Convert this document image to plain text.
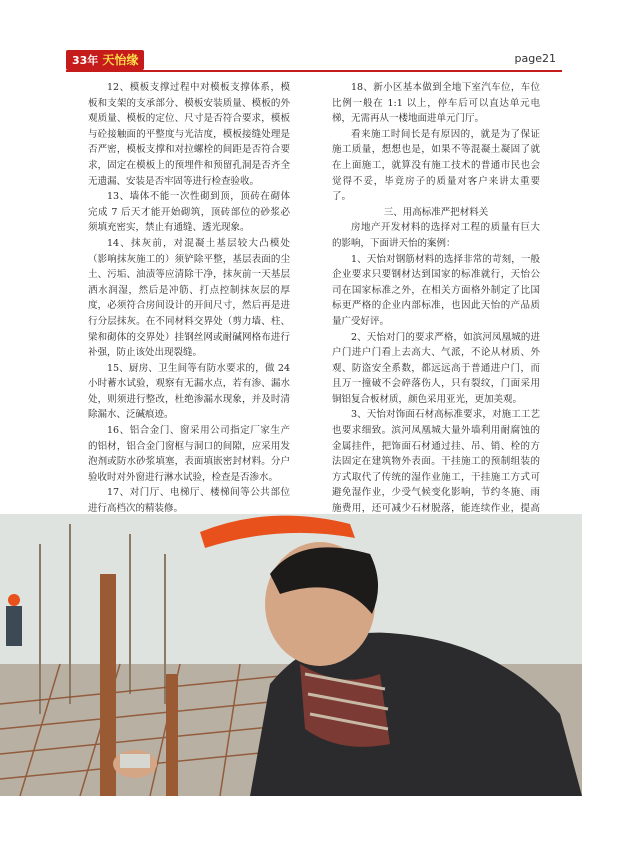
33年 天怡缘	page21

12、模板支撑过程中对模板支撑体系，模板和支架的支承部分、模板安装质量、模板的外观质量、模板的定位、尺寸是否符合要求，模板与砼接触面的平整度与光洁度，模板接缝处理是否严密，模板支撑和对拉螺栓的间距是否符合要求，固定在模板上的预埋件和预留孔洞是否齐全无遗漏、安装是否牢固等进行检查验收。

13、墙体不能一次性砌到顶，顶砖在砌体完成 7 后天才能开始砌筑，顶砖部位的砂浆必须填充密实，禁止有通缝、透光现象。

14、抹灰前，对混凝土基层较大凸模处（影响抹灰施工的）须铲除平整，基层表面的尘土、污垢、油渍等应清除干净，抹灰前一天基层洒水润湿，然后是冲筋、打点控制抹灰层的厚度，必须符合房间设计的开间尺寸，然后再是进行分层抹灰。在不同材料交界处（剪力墙、柱、梁和砌体的交界处）挂钢丝网或耐碱网格布进行补强，防止该处出现裂缝。

15、厨房、卫生间等有防水要求的，做 24 小时蓄水试验，观察有无漏水点，若有渗、漏水处，则须进行整改，杜绝渗漏水现象，并及时清除漏水、泛碱痕迹。

16、铝合金门、窗采用公司指定厂家生产的铝材，铝合金门窗框与洞口的间隙，应采用发泡剂或防水砂浆填塞，表面填嵌密封材料。分户验收时对外窗进行淋水试验，检查是否渗水。

17、对门厅、电梯厅、楼梯间等公共部位进行高档次的精装修。

18、新小区基本做到全地下室汽车位，车位比例一般在 1:1 以上，停车后可以直达单元电梯，无需再从一楼地面进单元门厅。

看来施工时间长是有原因的，就是为了保证施工质量，想想也是，如果不等混凝土凝固了就在上面施工，就算没有施工技术的普通市民也会觉得不妥，毕竟房子的质量对客户来讲太重要了。

三、用高标准严把材料关

房地产开发材料的选择对工程的质量有巨大的影响，下面讲天怡的案例：

1、天怡对钢筋材料的选择非常的苛刻，一般企业要求只要钢材达到国家的标准就行，天怡公司在国家标准之外，在相关方面格外制定了比国标更严格的企业内部标准，也因此天怡的产品质量广受好评。

2、天怡对门的要求严格，如滨河凤凰城的进户门进户门看上去高大、气派，不论从材质、外观、防盗安全系数，都远远高于普通进户门，而且万一撞破不会碎落伤人，只有裂纹，门面采用铜铝复合板材质，颜色采用亚光，更加美观。

3、天怡对饰面石材高标准要求，对施工工艺也要求细致。滨河凤凰城大量外墙利用耐腐蚀的金属挂件，把饰面石材通过挂、吊、销、栓的方法固定在建筑物外表面。干挂施工的预制组装的方式取代了传统的湿作业施工，干挂施工方式可避免湿作业，少受气候变化影响，节约冬施、雨施费用，还可减少石材脱落，能连续作业，提高
